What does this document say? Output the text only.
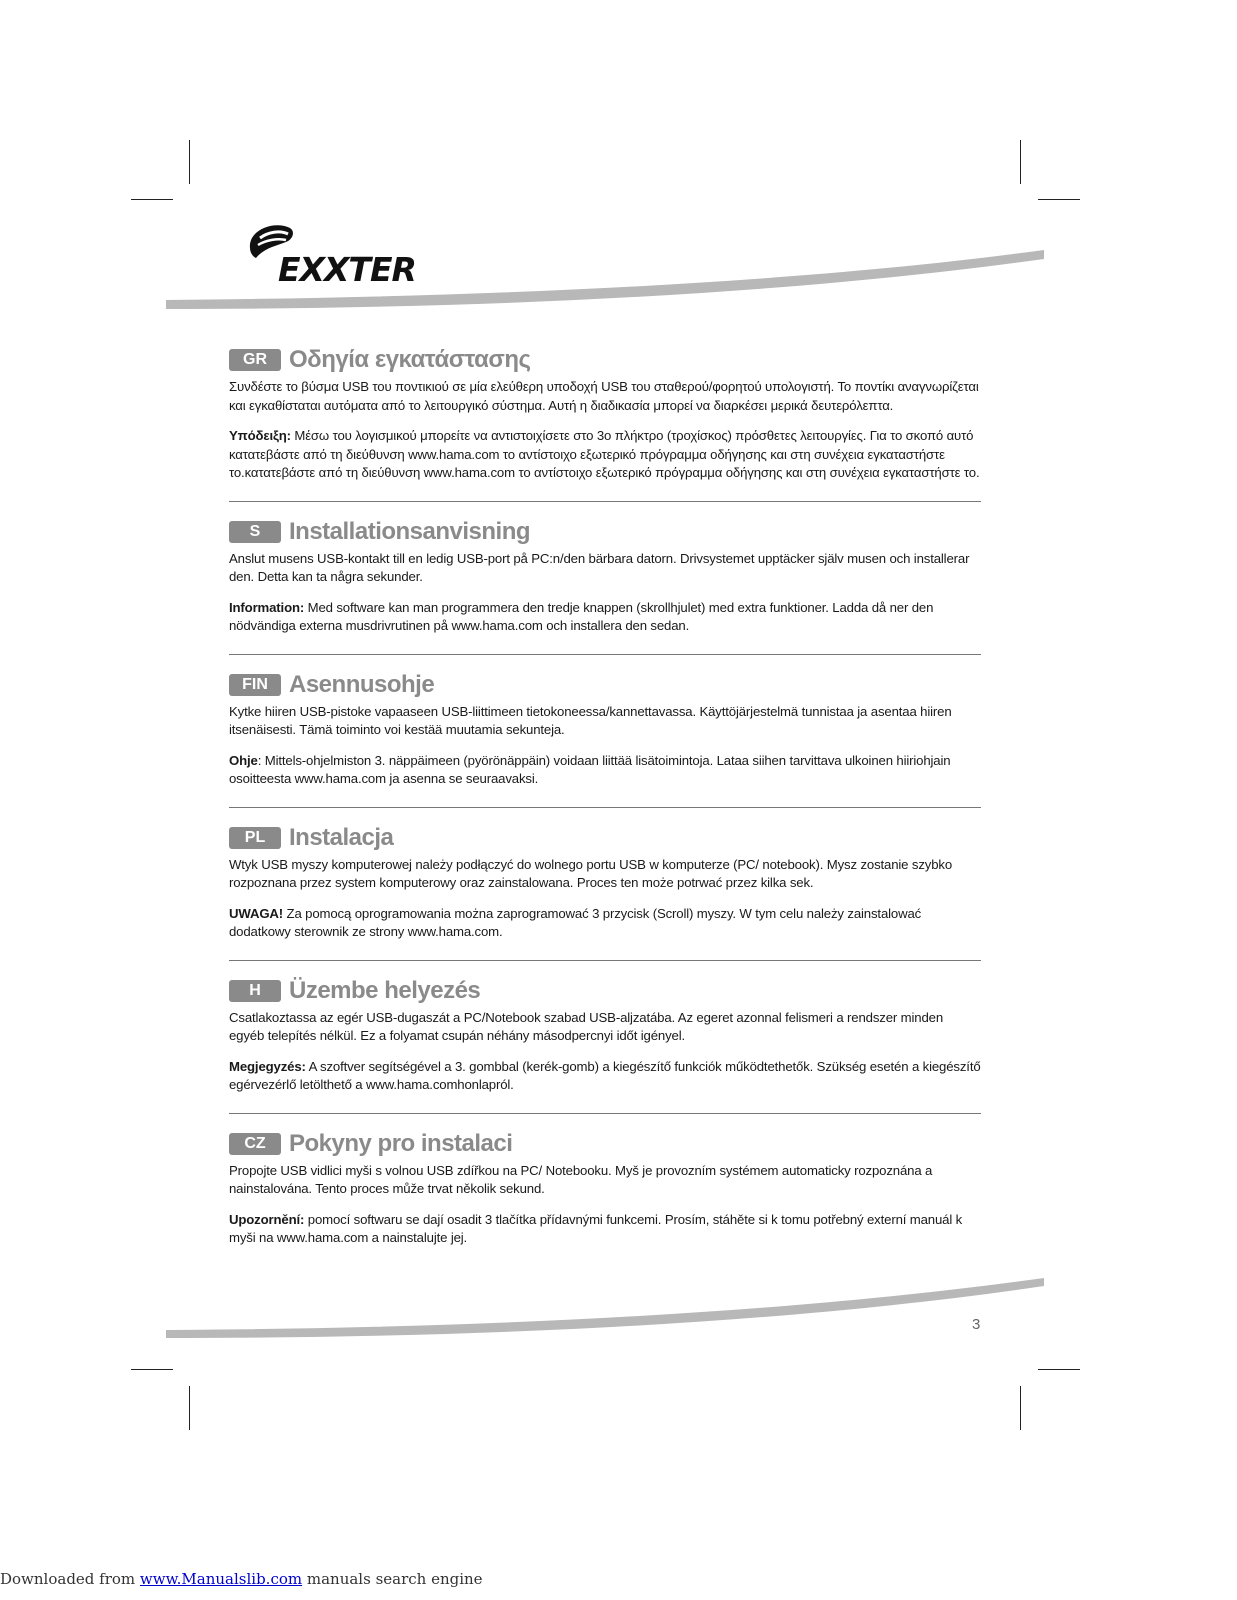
EXXTER
GR Οδηγία εγκατάστασης

Συνδέστε το βύσμα USB του ποντικιού σε μία ελεύθερη υποδοχή USB του σταθερού/φορητού υπολογιστή. Το ποντίκι αναγνωρίζεται και εγκαθίσταται αυτόματα από το λειτουργικό σύστημα. Αυτή η διαδικασία μπορεί να διαρκέσει μερικά δευτερόλεπτα.

Υπόδειξη: Μέσω του λογισμικού μπορείτε να αντιστοιχίσετε στο 3ο πλήκτρο (τροχίσκος) πρόσθετες λειτουργίες. Για το σκοπό αυτό κατατεβάστε από τη διεύθυνση www.hama.com το αντίστοιχο εξωτερικό πρόγραμμα οδήγησης και στη συνέχεια εγκαταστήστε το.κατατεβάστε από τη διεύθυνση www.hama.com το αντίστοιχο εξωτερικό πρόγραμμα οδήγησης και στη συνέχεια εγκαταστήστε το.

S	Installationsanvisning

Anslut musens USB-kontakt till en ledig USB-port på PC:n/den bärbara datorn. Drivsystemet upptäcker själv musen och installerar den. Detta kan ta några sekunder.

Information: Med software kan man programmera den tredje knappen (skrollhjulet) med extra funktioner. Ladda då ner den nödvändiga externa musdrivrutinen på www.hama.com och installera den sedan.

FIN Asennusohje

Kytke hiiren USB-pistoke vapaaseen USB-liittimeen tietokoneessa/kannettavassa. Käyttöjärjestelmä tunnistaa ja asentaa hiiren itsenäisesti. Tämä toiminto voi kestää muutamia sekunteja.

Ohje: Mittels-ohjelmiston 3. näppäimeen (pyörönäppäin) voidaan liittää lisätoimintoja. Lataa siihen tarvittava ulkoinen hiiriohjain osoitteesta www.hama.com ja asenna se seuraavaksi.

PL Instalacja

Wtyk USB myszy komputerowej należy podłączyć do wolnego portu USB w komputerze (PC/ notebook). Mysz zostanie szybko rozpoznana przez system komputerowy oraz zainstalowana. Proces ten może potrwać przez kilka sek.

UWAGA! Za pomocą oprogramowania można zaprogramować 3 przycisk (Scroll) myszy. W tym celu należy zainstalować dodatkowy sterownik ze strony www.hama.com.

H	Üzembe helyezés

Csatlakoztassa az egér USB-dugaszát a PC/Notebook szabad USB-aljzatába. Az egeret azonnal felismeri a rendszer minden egyéb telepítés nélkül. Ez a folyamat csupán néhány másodpercnyi időt igényel.

Megjegyzés: A szoftver segítségével a 3. gombbal (kerék-gomb) a kiegészítő funkciók működtethetők. Szükség esetén a kiegészítő egérvezérlő letölthető a www.hama.comhonlapról.

CZ Pokyny pro instalaci

Propojte USB vidlici myši s volnou USB zdířkou na PC/ Notebooku. Myš je provozním systémem automaticky rozpoznána a nainstalována. Tento proces může trvat několik sekund.

Upozornění: pomocí softwaru se dají osadit 3 tlačítka přídavnými funkcemi. Prosím, stáhěte si k tomu potřebný externí manuál k myši na www.hama.com a nainstalujte jej.

3
Downloaded from www.Manualslib.com manuals search engine
